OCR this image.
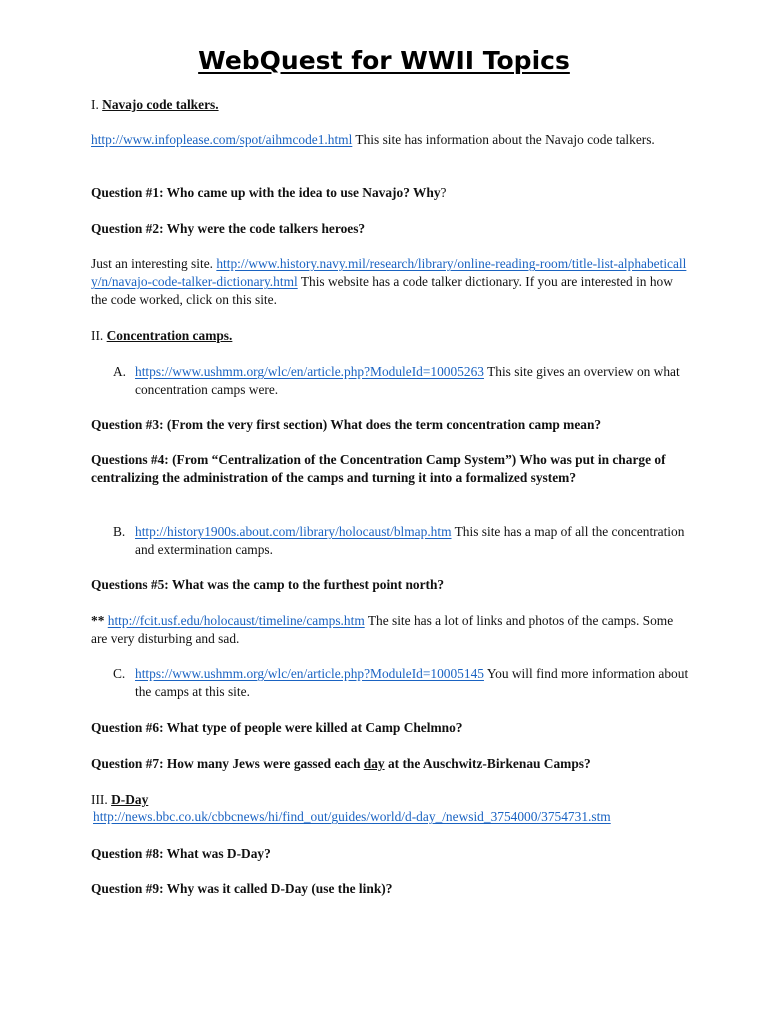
WebQuest for WWII Topics
I. Navajo code talkers.
http://www.infoplease.com/spot/aihmcode1.html This site has information about the Navajo code talkers.
Question #1: Who came up with the idea to use Navajo? Why?
Question #2: Why were the code talkers heroes?
Just an interesting site. http://www.history.navy.mil/research/library/online-reading-room/title-list-alphabetically/n/navajo-code-talker-dictionary.html This website has a code talker dictionary. If you are interested in how the code worked, click on this site.
II. Concentration camps.
A. https://www.ushmm.org/wlc/en/article.php?ModuleId=10005263 This site gives an overview on what concentration camps were.
Question #3: (From the very first section) What does the term concentration camp mean?
Questions #4: (From “Centralization of the Concentration Camp System”) Who was put in charge of centralizing the administration of the camps and turning it into a formalized system?
B. http://history1900s.about.com/library/holocaust/blmap.htm This site has a map of all the concentration and extermination camps.
Questions #5: What was the camp to the furthest point north?
** http://fcit.usf.edu/holocaust/timeline/camps.htm The site has a lot of links and photos of the camps. Some are very disturbing and sad.
C. https://www.ushmm.org/wlc/en/article.php?ModuleId=10005145 You will find more information about the camps at this site.
Question #6: What type of people were killed at Camp Chelmno?
Question #7: How many Jews were gassed each day at the Auschwitz-Birkenau Camps?
III. D-Day
http://news.bbc.co.uk/cbbcnews/hi/find_out/guides/world/d-day_/newsid_3754000/3754731.stm
Question #8: What was D-Day?
Question #9: Why was it called D-Day (use the link)?
